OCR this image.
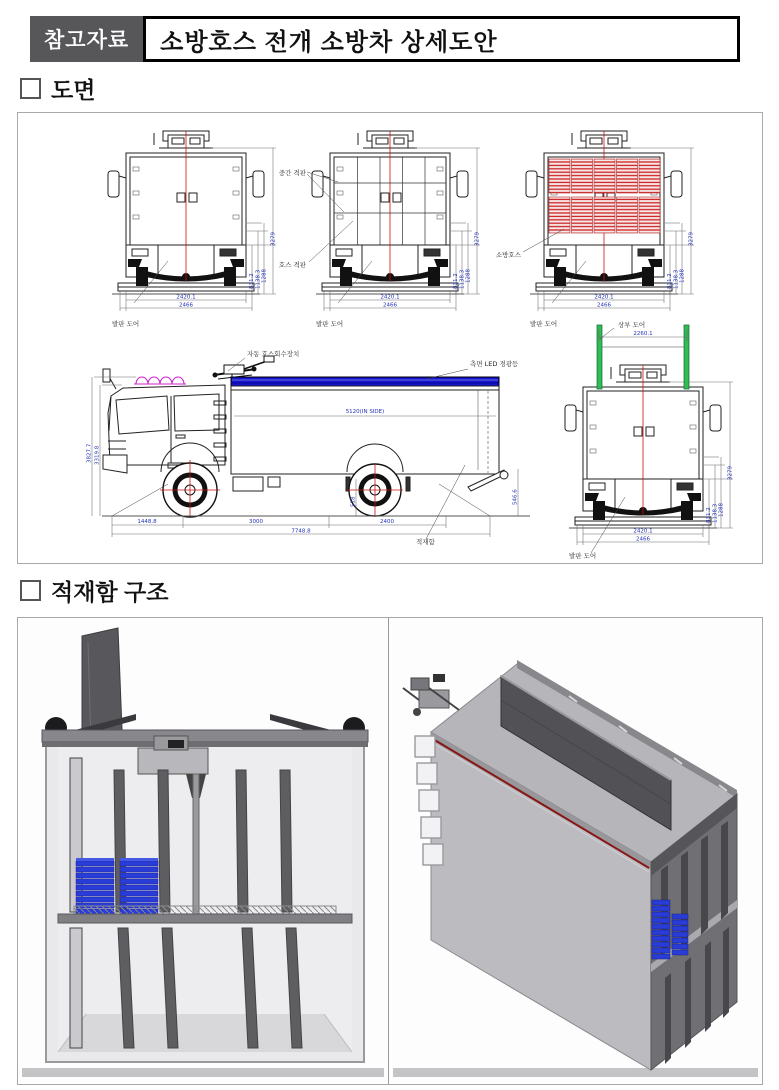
참고자료	소방호스 전개 소방차 상세도안
도면
831.2 1138.3 1288
3279
2420.1
2466
발판 도어
831.2 1138.3 1288
3279
2420.1
2466
중간 격판
호스 격판
발판 도어
831.2 1138.3 1288
3279
2420.1
2466
소방호스
발판 도어
자동 호스회수장치
측면 LED 경광등
5120(IN SIDE)
3827.7 3319.8
1448.8	3000	2400
7748.8
518	546.6
적재함
2260.1
상부 도어
831.2 1138.3 1288
3279
2420.1
2466
발판 도어
적재함 구조
